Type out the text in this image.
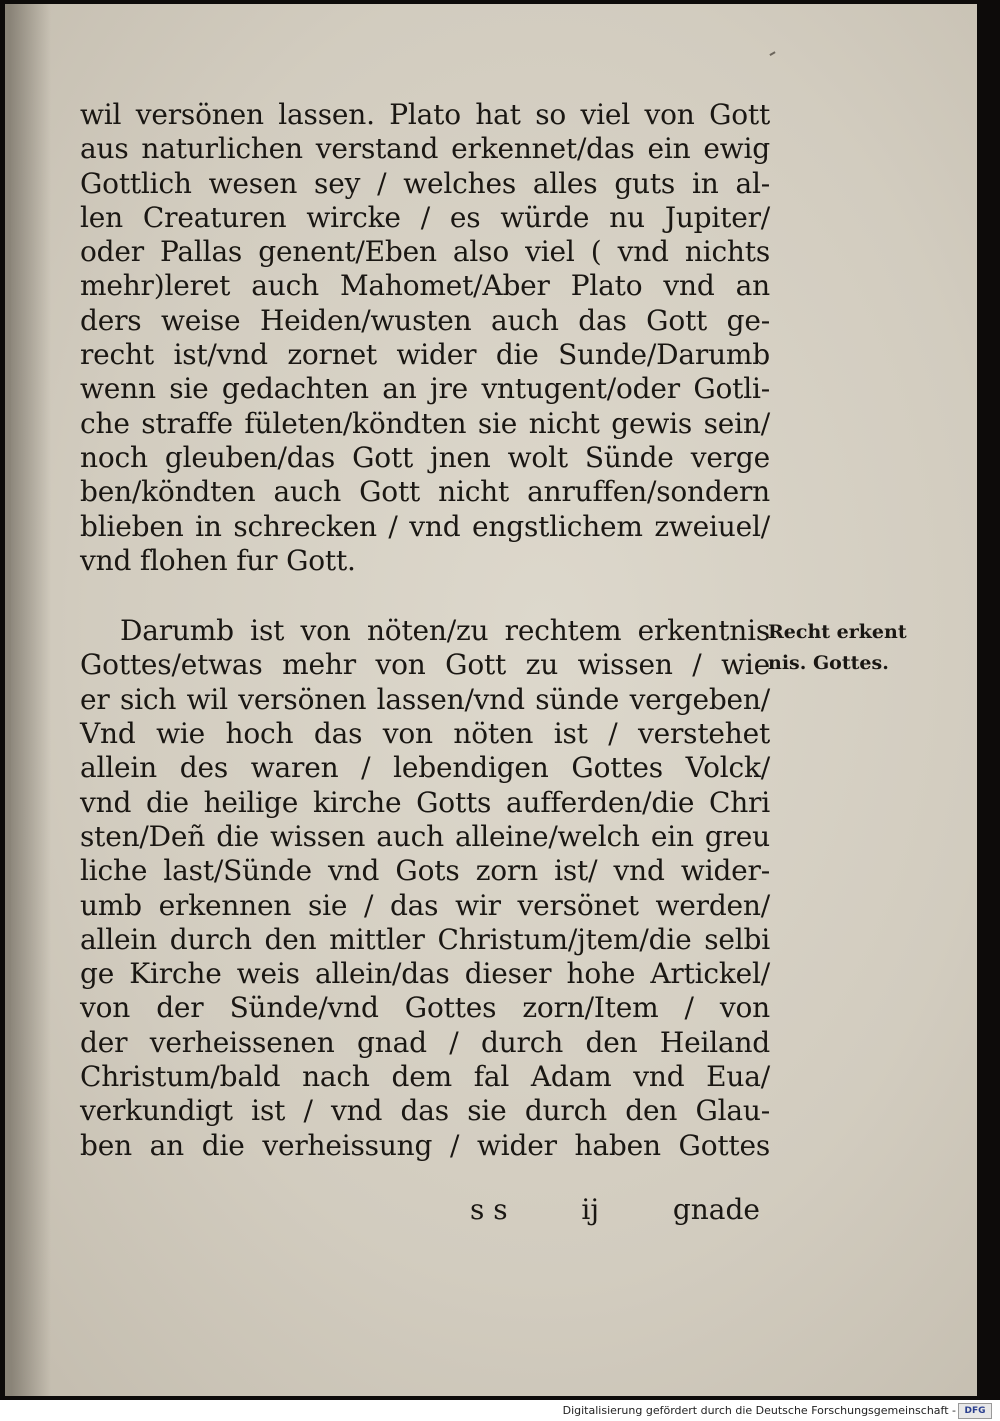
wil versönen lassen. Plato hat so viel von Gott
aus naturlichen verstand erkennet/das ein ewig
Gottlich wesen sey / welches alles guts in al-
len Creaturen wircke / es würde nu Jupiter/
oder Pallas genent/Eben also viel ( vnd nichts
mehr)leret auch Mahomet/Aber Plato vnd an
ders weise Heiden/wusten auch das Gott ge-
recht ist/vnd zornet wider die Sunde/Darumb
wenn sie gedachten an jre vntugent/oder Gotli-
che straffe fületen/köndten sie nicht gewis sein/
noch gleuben/das Gott jnen wolt Sünde verge
ben/köndten auch Gott nicht anruffen/sondern
blieben in schrecken / vnd engstlichem zweiuel/
vnd flohen fur Gott.
Darumb ist von nöten/zu rechtem erkentnis
Gottes/etwas mehr von Gott zu wissen / wie
er sich wil versönen lassen/vnd sünde vergeben/
Vnd wie hoch das von nöten ist / verstehet
allein des waren / lebendigen Gottes Volck/
vnd die heilige kirche Gotts aufferden/die Chri
sten/Deñ die wissen auch alleine/welch ein greu
liche last/Sünde vnd Gots zorn ist/ vnd wider-
umb erkennen sie / das wir versönet werden/
allein durch den mittler Christum/jtem/die selbi
ge Kirche weis allein/das dieser hohe Artickel/
von der Sünde/vnd Gottes zorn/Item / von
der verheissenen gnad / durch den Heiland
Christum/bald nach dem fal Adam vnd Eua/
verkundigt ist / vnd das sie durch den Glau-
ben an die verheissung / wider haben Gottes
Recht erkent
nis. Gottes.
s s	ij	gnade
Digitalisierung gefördert durch die Deutsche Forschungsgemeinschaft - DFG
